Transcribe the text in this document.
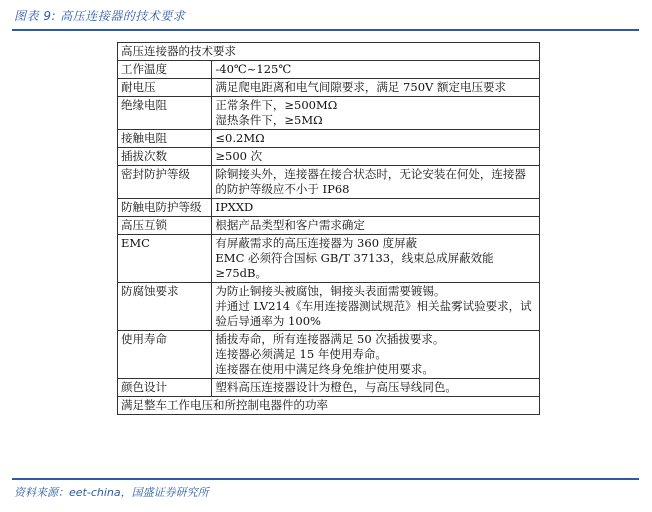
图表 9: 高压连接器的技术要求
高压连接器的技术要求	
工作温度	-40℃~125℃

耐电压	满足爬电距离和电气间隙要求，满足 750V 额定电压要求

绝缘电阻	正常条件下，≥500MΩ
湿热条件下，≥5MΩ

接触电阻	≤0.2MΩ

插拔次数	≥500 次

密封防护等级	除铜接头外，连接器在接合状态时，无论安装在何处，连接器的防护等级应不小于 IP68

防触电防护等级	IPXXD

高压互锁	根据产品类型和客户需求确定

EMC	有屏蔽需求的高压连接器为 360 度屏蔽
EMC 必须符合国标 GB/T 37133，线束总成屏蔽效能≥75dB。

防腐蚀要求	为防止铜接头被腐蚀，铜接头表面需要镀锡。
并通过 LV214《车用连接器测试规范》相关盐雾试验要求，试验后导通率为 100%

使用寿命	插拔寿命，所有连接器满足 50 次插拔要求。
连接器必须满足 15 年使用寿命。
连接器在使用中满足终身免维护使用要求。

颜色设计	塑料高压连接器设计为橙色，与高压导线同色。

满足整车工作电压和所控制电器件的功率	
资料来源：eet-china，国盛证券研究所
